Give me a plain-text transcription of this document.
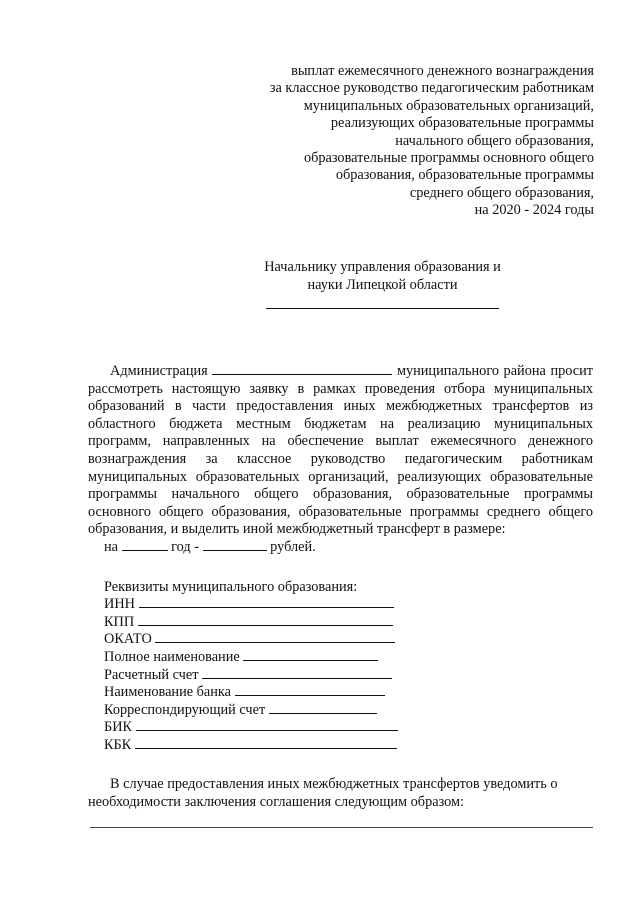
выплат ежемесячного денежного вознаграждения
за классное руководство педагогическим работникам
муниципальных образовательных организаций,
реализующих образовательные программы
начального общего образования,
образовательные программы основного общего
образования, образовательные программы
среднего общего образования,
на 2020 - 2024 годы
Начальнику управления образования и
науки Липецкой области

Администрация	муниципального района просит рассмотреть настоящую заявку в рамках проведения отбора муниципальных образований в части предоставления иных межбюджетных трансфертов из областного бюджета местным бюджетам на реализацию муниципальных программ, направленных на обеспечение выплат ежемесячного денежного вознаграждения за классное руководство педагогическим работникам муниципальных образовательных организаций, реализующих образовательные программы начального общего образования, образовательные программы основного общего образования, образовательные программы среднего общего образования, и выделить иной межбюджетный трансферт в размере:

на	год -	рублей.

Реквизиты муниципального образования:

ИНН
КПП
ОКАТО
Полное наименование
Расчетный счет
Наименование банка
Корреспондирующий счет
БИК
КБК

В случае предоставления иных межбюджетных трансфертов уведомить о необходимости заключения соглашения следующим образом:
